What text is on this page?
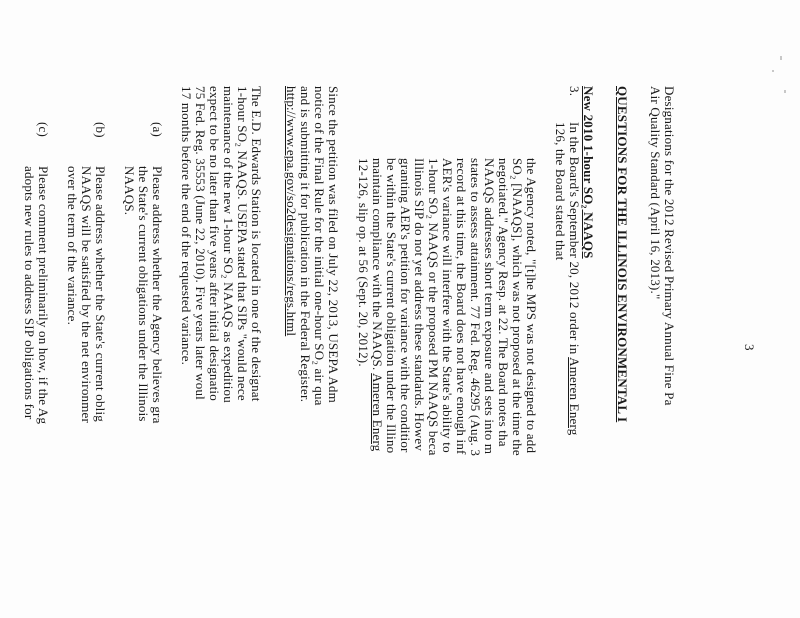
3
Designations for the 2012 Revised Primary Annual Fine Pa
Air Quality Standard (April 16, 2013)."
QUESTIONS FOR THE ILLINOIS ENVIRONMENTAL I
New 2010 1-hour SO₂ NAAQS
3.
In the Board's September 20, 2012 order in Ameren Energ
126, the Board stated that
the Agency noted, "[t]he MPS was not designed to add
SO₂ [NAAQS], which was not proposed at the time the
negotiated." Agency Resp. at 22. The Board notes tha
NAAQS addresses short term exposure and sets into m
states to assess attainment. 77 Fed. Reg. 46295 (Aug. 3
record at this time, the Board does not have enough inf
AER's variance will interfere with the State's ability to
1-hour SO₂ NAAQS or the proposed PM NAAQS beca
Illinois SIP do not yet address these standards. Howev
granting AER's petition for variance with the conditior
be within the State's current obligation under the Illino
maintain compliance with the NAAQS. Ameren Energ
12-126, slip op. at 56 (Sept. 20, 2012).
Since the petition was filed on July 22, 2013, USEPA Adm
notice of the Final Rule for the initial one-hour SO₂ air qua
and is submitting it for publication in the Federal Register.
http://www.epa.gov/so2designations/regs.html
The E.D. Edwards Station is located in one of the designat
1-hour SO₂ NAAQS. USEPA stated that SIPs "would nece
maintenance of the new 1-hour SO₂ NAAQS as expeditiou
expect to be no later than five years after initial designatio
75 Fed. Reg. 35553 (June 22, 2010). Five years later woul
17 months before the end of the requested variance.
(a)
Please address whether the Agency believes gra
the State's current obligations under the Illinois
NAAQS.
(b)
Please address whether the State's current oblig
NAAQS will be satisfied by the net environmer
over the term of the variance.
(c)
Please comment preliminarily on how, if the Ag
adopts new rules to address SIP obligations for
